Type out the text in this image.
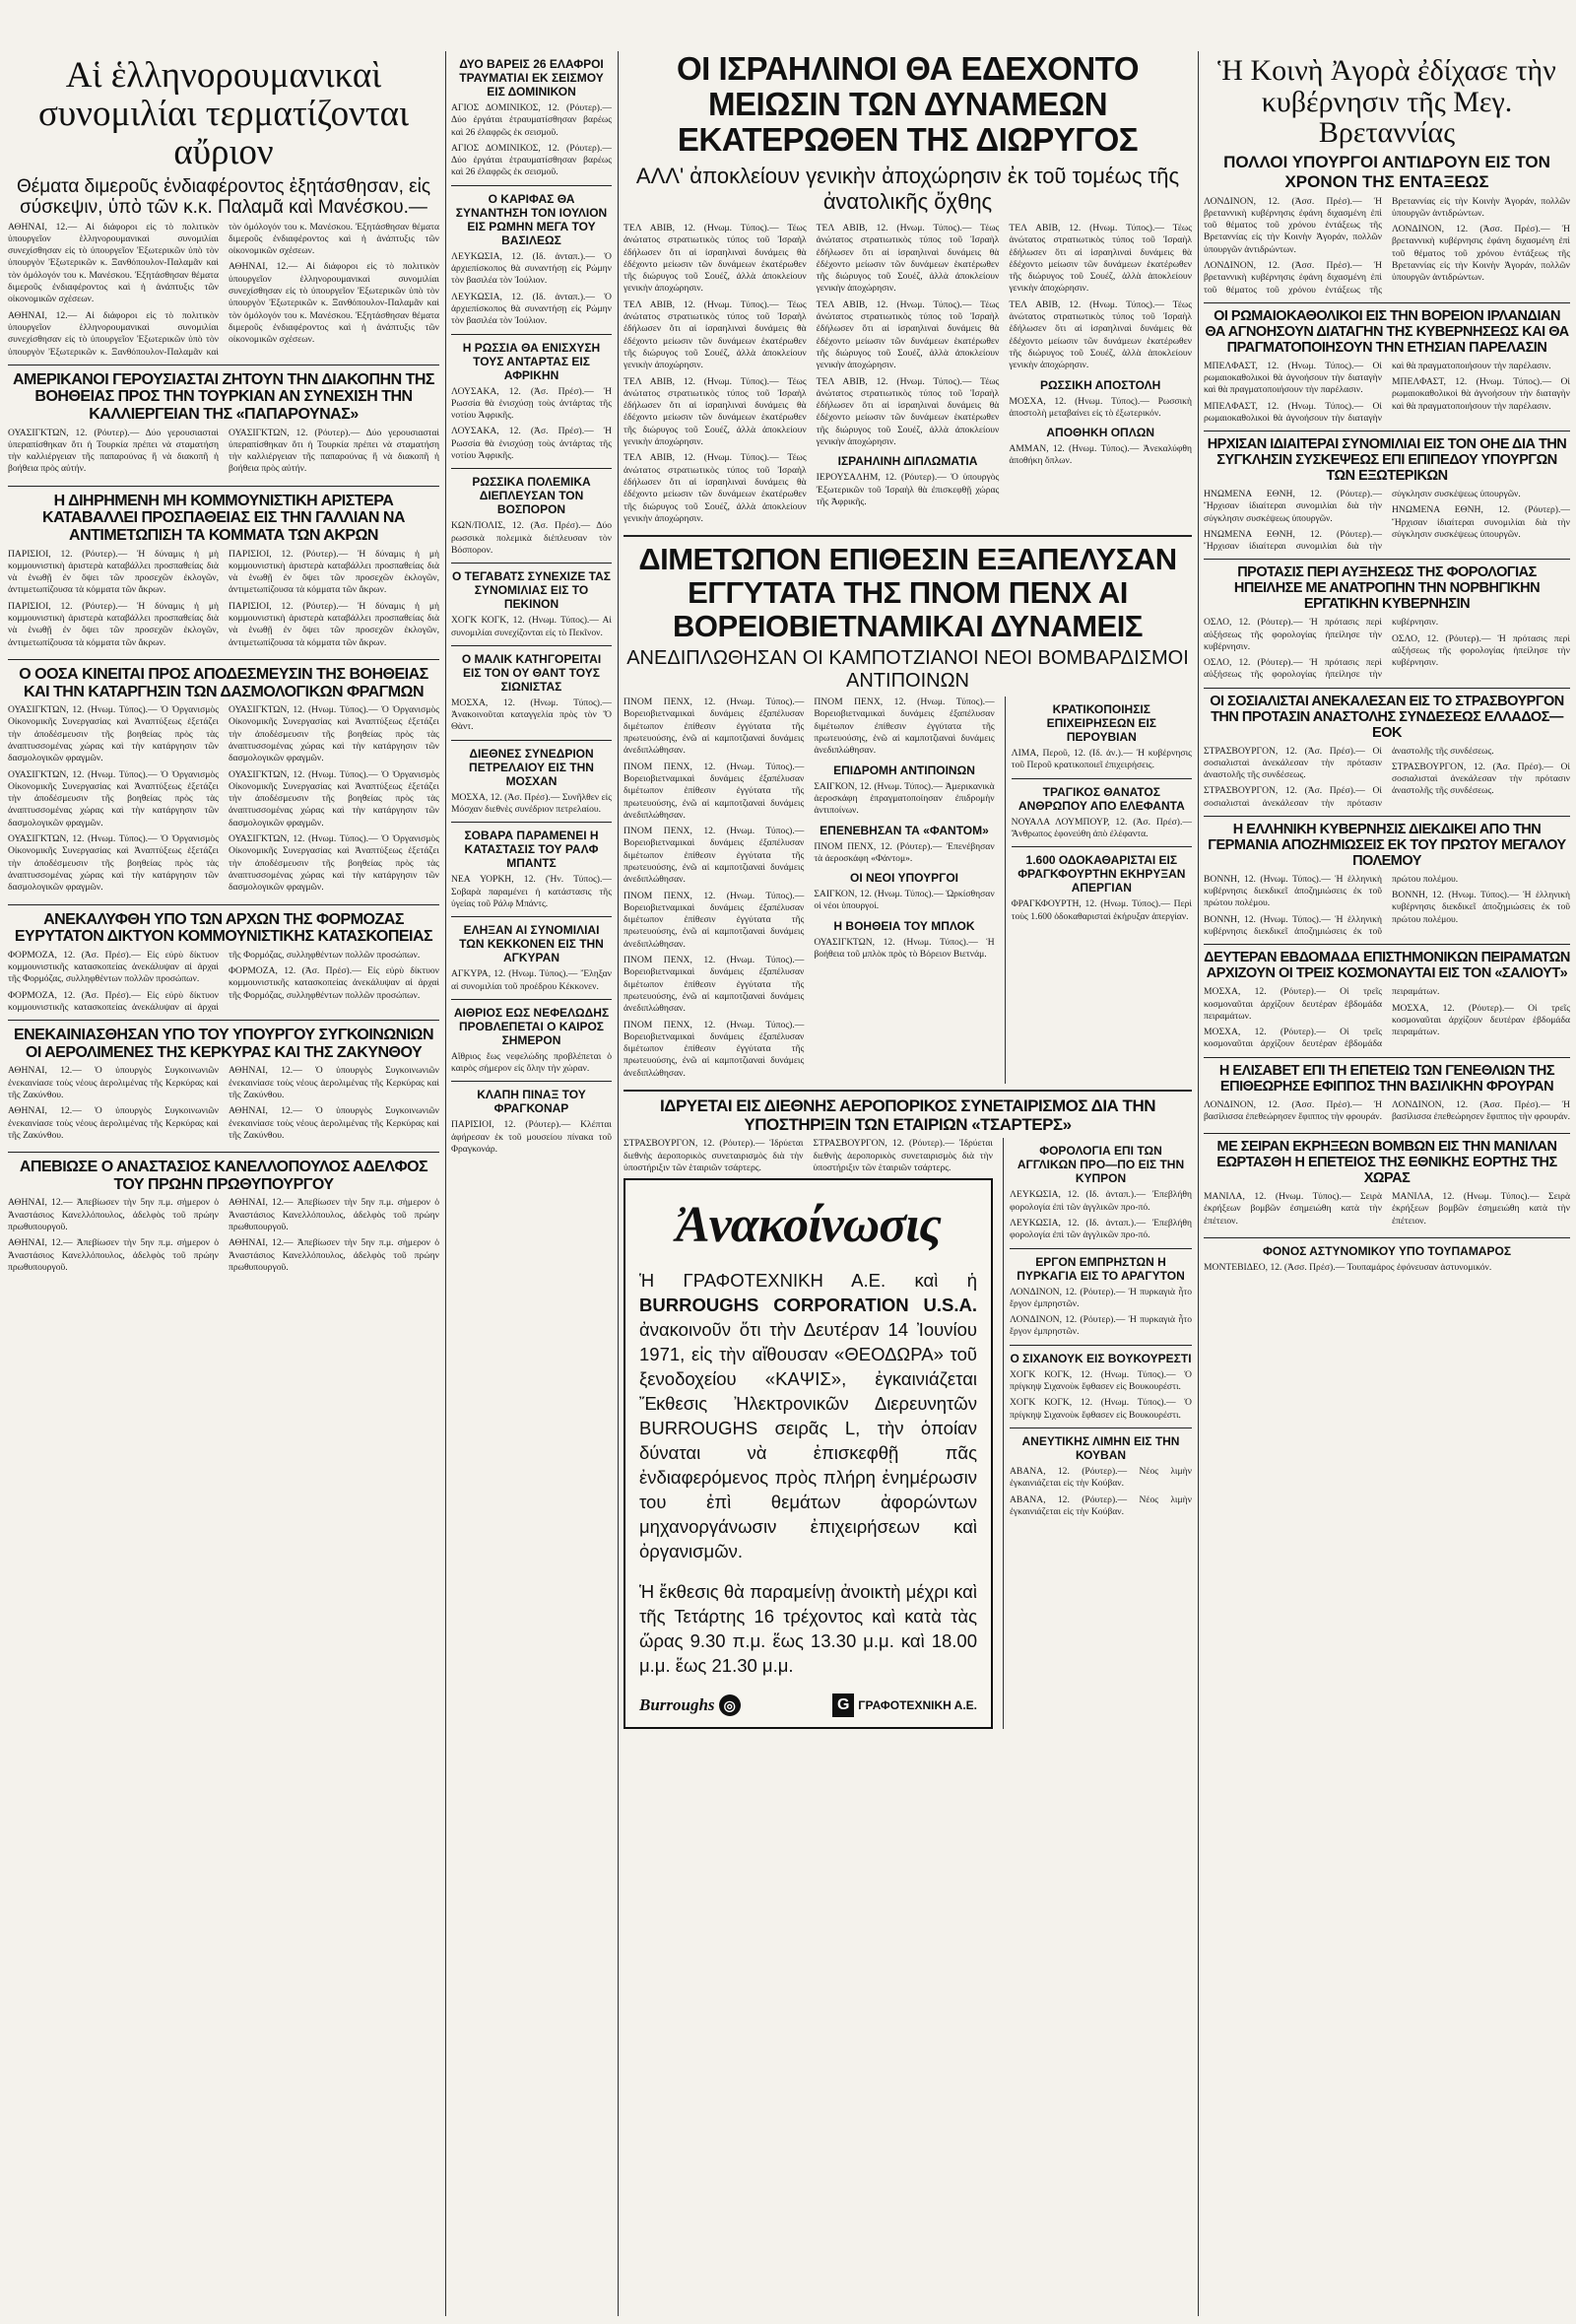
Αἱ ἑλληνορουμανικαὶ συνομιλίαι τερματίζονται αὔριον

Θέματα διμεροῦς ἐνδιαφέροντος ἐξητάσθησαν, εἰς σύσκεψιν, ὑπὸ τῶν κ.κ. Παλαμᾶ καὶ Μανέσκου.—

ΑΘΗΝΑΙ, 12.— Αἱ διάφοροι εἰς τὸ πολιτικὸν ὑπουργεῖον ἑλληνορουμανικαὶ συνομιλίαι συνεχίσθησαν εἰς τὸ ὑπουργεῖον Ἐξωτερικῶν ὑπὸ τὸν ὑπουργὸν Ἐξωτερικῶν κ. Ξανθόπουλον-Παλαμᾶν καὶ τὸν ὁμόλογόν του κ. Μανέσκου. Ἐξητάσθησαν θέματα διμεροῦς ἐνδιαφέροντος καὶ ἡ ἀνάπτυξις τῶν οἰκονομικῶν σχέσεων.

ΑΘΗΝΑΙ, 12.— Αἱ διάφοροι εἰς τὸ πολιτικὸν ὑπουργεῖον ἑλληνορουμανικαὶ συνομιλίαι συνεχίσθησαν εἰς τὸ ὑπουργεῖον Ἐξωτερικῶν ὑπὸ τὸν ὑπουργὸν Ἐξωτερικῶν κ. Ξανθόπουλον-Παλαμᾶν καὶ τὸν ὁμόλογόν του κ. Μανέσκου. Ἐξητάσθησαν θέματα διμεροῦς ἐνδιαφέροντος καὶ ἡ ἀνάπτυξις τῶν οἰκονομικῶν σχέσεων.

ΑΘΗΝΑΙ, 12.— Αἱ διάφοροι εἰς τὸ πολιτικὸν ὑπουργεῖον ἑλληνορουμανικαὶ συνομιλίαι συνεχίσθησαν εἰς τὸ ὑπουργεῖον Ἐξωτερικῶν ὑπὸ τὸν ὑπουργὸν Ἐξωτερικῶν κ. Ξανθόπουλον-Παλαμᾶν καὶ τὸν ὁμόλογόν του κ. Μανέσκου. Ἐξητάσθησαν θέματα διμεροῦς ἐνδιαφέροντος καὶ ἡ ἀνάπτυξις τῶν οἰκονομικῶν σχέσεων.

ΑΜΕΡΙΚΑΝΟΙ ΓΕΡΟΥΣΙΑΣΤΑΙ ΖΗΤΟΥΝ ΤΗΝ ΔΙΑΚΟΠΗΝ ΤΗΣ ΒΟΗΘΕΙΑΣ ΠΡΟΣ ΤΗΝ ΤΟΥΡΚΙΑΝ ΑΝ ΣΥΝΕΧΙΣΗ ΤΗΝ ΚΑΛΛΙΕΡΓΕΙΑΝ ΤΗΣ «ΠΑΠΑΡΟΥΝΑΣ»

ΟΥΑΣΙΓΚΤΩΝ, 12. (Ρόυτερ).— Δύο γερουσιασταὶ ὑπεραπίσθηκαν ὅτι ἡ Τουρκία πρέπει νὰ σταματήση τὴν καλλιέργειαν τῆς παπαρούνας ἢ νὰ διακοπῆ ἡ βοήθεια πρὸς αὐτήν.

ΟΥΑΣΙΓΚΤΩΝ, 12. (Ρόυτερ).— Δύο γερουσιασταὶ ὑπεραπίσθηκαν ὅτι ἡ Τουρκία πρέπει νὰ σταματήση τὴν καλλιέργειαν τῆς παπαρούνας ἢ νὰ διακοπῆ ἡ βοήθεια πρὸς αὐτήν.

Η ΔΙΗΡΗΜΕΝΗ ΜΗ ΚΟΜΜΟΥΝΙΣΤΙΚΗ ΑΡΙΣΤΕΡΑ ΚΑΤΑΒΑΛΛΕΙ ΠΡΟΣΠΑΘΕΙΑΣ ΕΙΣ ΤΗΝ ΓΑΛΛΙΑΝ ΝΑ ΑΝΤΙΜΕΤΩΠΙΣΗ ΤΑ ΚΟΜΜΑΤΑ ΤΩΝ ΑΚΡΩΝ

ΠΑΡΙΣΙΟΙ, 12. (Ρόυτερ).— Ἡ δύναμις ἡ μὴ κομμουνιστικὴ ἀριστερὰ καταβάλλει προσπαθείας διὰ νὰ ἑνωθῇ ἐν ὄψει τῶν προσεχῶν ἐκλογῶν, ἀντιμετωπίζουσα τὰ κόμματα τῶν ἄκρων.

ΠΑΡΙΣΙΟΙ, 12. (Ρόυτερ).— Ἡ δύναμις ἡ μὴ κομμουνιστικὴ ἀριστερὰ καταβάλλει προσπαθείας διὰ νὰ ἑνωθῇ ἐν ὄψει τῶν προσεχῶν ἐκλογῶν, ἀντιμετωπίζουσα τὰ κόμματα τῶν ἄκρων.

ΠΑΡΙΣΙΟΙ, 12. (Ρόυτερ).— Ἡ δύναμις ἡ μὴ κομμουνιστικὴ ἀριστερὰ καταβάλλει προσπαθείας διὰ νὰ ἑνωθῇ ἐν ὄψει τῶν προσεχῶν ἐκλογῶν, ἀντιμετωπίζουσα τὰ κόμματα τῶν ἄκρων.

ΠΑΡΙΣΙΟΙ, 12. (Ρόυτερ).— Ἡ δύναμις ἡ μὴ κομμουνιστικὴ ἀριστερὰ καταβάλλει προσπαθείας διὰ νὰ ἑνωθῇ ἐν ὄψει τῶν προσεχῶν ἐκλογῶν, ἀντιμετωπίζουσα τὰ κόμματα τῶν ἄκρων.

Ο ΟΟΣΑ ΚΙΝΕΙΤΑΙ ΠΡΟΣ ΑΠΟΔΕΣΜΕΥΣΙΝ ΤΗΣ ΒΟΗΘΕΙΑΣ ΚΑΙ ΤΗΝ ΚΑΤΑΡΓΗΣΙΝ ΤΩΝ ΔΑΣΜΟΛΟΓΙΚΩΝ ΦΡΑΓΜΩΝ

ΟΥΑΣΙΓΚΤΩΝ, 12. (Ηνωμ. Τύπος).— Ὁ Ὀργανισμὸς Οἰκονομικῆς Συνεργασίας καὶ Ἀναπτύξεως ἐξετάζει τὴν ἀποδέσμευσιν τῆς βοηθείας πρὸς τὰς ἀναπτυσσομένας χώρας καὶ τὴν κατάργησιν τῶν δασμολογικῶν φραγμῶν.

ΟΥΑΣΙΓΚΤΩΝ, 12. (Ηνωμ. Τύπος).— Ὁ Ὀργανισμὸς Οἰκονομικῆς Συνεργασίας καὶ Ἀναπτύξεως ἐξετάζει τὴν ἀποδέσμευσιν τῆς βοηθείας πρὸς τὰς ἀναπτυσσομένας χώρας καὶ τὴν κατάργησιν τῶν δασμολογικῶν φραγμῶν.

ΟΥΑΣΙΓΚΤΩΝ, 12. (Ηνωμ. Τύπος).— Ὁ Ὀργανισμὸς Οἰκονομικῆς Συνεργασίας καὶ Ἀναπτύξεως ἐξετάζει τὴν ἀποδέσμευσιν τῆς βοηθείας πρὸς τὰς ἀναπτυσσομένας χώρας καὶ τὴν κατάργησιν τῶν δασμολογικῶν φραγμῶν.

ΟΥΑΣΙΓΚΤΩΝ, 12. (Ηνωμ. Τύπος).— Ὁ Ὀργανισμὸς Οἰκονομικῆς Συνεργασίας καὶ Ἀναπτύξεως ἐξετάζει τὴν ἀποδέσμευσιν τῆς βοηθείας πρὸς τὰς ἀναπτυσσομένας χώρας καὶ τὴν κατάργησιν τῶν δασμολογικῶν φραγμῶν.

ΟΥΑΣΙΓΚΤΩΝ, 12. (Ηνωμ. Τύπος).— Ὁ Ὀργανισμὸς Οἰκονομικῆς Συνεργασίας καὶ Ἀναπτύξεως ἐξετάζει τὴν ἀποδέσμευσιν τῆς βοηθείας πρὸς τὰς ἀναπτυσσομένας χώρας καὶ τὴν κατάργησιν τῶν δασμολογικῶν φραγμῶν.

ΟΥΑΣΙΓΚΤΩΝ, 12. (Ηνωμ. Τύπος).— Ὁ Ὀργανισμὸς Οἰκονομικῆς Συνεργασίας καὶ Ἀναπτύξεως ἐξετάζει τὴν ἀποδέσμευσιν τῆς βοηθείας πρὸς τὰς ἀναπτυσσομένας χώρας καὶ τὴν κατάργησιν τῶν δασμολογικῶν φραγμῶν.

ΑΝΕΚΑΛΥΦΘΗ ΥΠΟ ΤΩΝ ΑΡΧΩΝ ΤΗΣ ΦΟΡΜΟΖΑΣ ΕΥΡΥΤΑΤΟΝ ΔΙΚΤΥΟΝ ΚΟΜΜΟΥΝΙΣΤΙΚΗΣ ΚΑΤΑΣΚΟΠΕΙΑΣ

ΦΟΡΜΟΖΑ, 12. (Ἀσ. Πρέσ).— Εἰς εὐρὺ δίκτυον κομμουνιστικῆς κατασκοπείας ἀνεκάλυψαν αἱ ἀρχαὶ τῆς Φορμόζας, συλληφθέντων πολλῶν προσώπων.

ΦΟΡΜΟΖΑ, 12. (Ἀσ. Πρέσ).— Εἰς εὐρὺ δίκτυον κομμουνιστικῆς κατασκοπείας ἀνεκάλυψαν αἱ ἀρχαὶ τῆς Φορμόζας, συλληφθέντων πολλῶν προσώπων.

ΦΟΡΜΟΖΑ, 12. (Ἀσ. Πρέσ).— Εἰς εὐρὺ δίκτυον κομμουνιστικῆς κατασκοπείας ἀνεκάλυψαν αἱ ἀρχαὶ τῆς Φορμόζας, συλληφθέντων πολλῶν προσώπων.

ΕΝΕΚΑΙΝΙΑΣΘΗΣΑΝ ΥΠΟ ΤΟΥ ΥΠΟΥΡΓΟΥ ΣΥΓΚΟΙΝΩΝΙΩΝ ΟΙ ΑΕΡΟΛΙΜΕΝΕΣ ΤΗΣ ΚΕΡΚΥΡΑΣ ΚΑΙ ΤΗΣ ΖΑΚΥΝΘΟΥ

ΑΘΗΝΑΙ, 12.— Ὁ ὑπουργὸς Συγκοινωνιῶν ἐνεκαινίασε τοὺς νέους ἀερολιμένας τῆς Κερκύρας καὶ τῆς Ζακύνθου.

ΑΘΗΝΑΙ, 12.— Ὁ ὑπουργὸς Συγκοινωνιῶν ἐνεκαινίασε τοὺς νέους ἀερολιμένας τῆς Κερκύρας καὶ τῆς Ζακύνθου.

ΑΘΗΝΑΙ, 12.— Ὁ ὑπουργὸς Συγκοινωνιῶν ἐνεκαινίασε τοὺς νέους ἀερολιμένας τῆς Κερκύρας καὶ τῆς Ζακύνθου.

ΑΘΗΝΑΙ, 12.— Ὁ ὑπουργὸς Συγκοινωνιῶν ἐνεκαινίασε τοὺς νέους ἀερολιμένας τῆς Κερκύρας καὶ τῆς Ζακύνθου.

ΑΠΕΒΙΩΣΕ Ο ΑΝΑΣΤΑΣΙΟΣ ΚΑΝΕΛΛΟΠΟΥΛΟΣ ΑΔΕΛΦΟΣ ΤΟΥ ΠΡΩΗΝ ΠΡΩΘΥΠΟΥΡΓΟΥ

ΑΘΗΝΑΙ, 12.— Ἀπεβίωσεν τὴν 5ην π.μ. σήμερον ὁ Ἀναστάσιος Κανελλόπουλος, ἀδελφὸς τοῦ πρώην πρωθυπουργοῦ.

ΑΘΗΝΑΙ, 12.— Ἀπεβίωσεν τὴν 5ην π.μ. σήμερον ὁ Ἀναστάσιος Κανελλόπουλος, ἀδελφὸς τοῦ πρώην πρωθυπουργοῦ.

ΑΘΗΝΑΙ, 12.— Ἀπεβίωσεν τὴν 5ην π.μ. σήμερον ὁ Ἀναστάσιος Κανελλόπουλος, ἀδελφὸς τοῦ πρώην πρωθυπουργοῦ.

ΑΘΗΝΑΙ, 12.— Ἀπεβίωσεν τὴν 5ην π.μ. σήμερον ὁ Ἀναστάσιος Κανελλόπουλος, ἀδελφὸς τοῦ πρώην πρωθυπουργοῦ.

ΔΥΟ ΒΑΡΕΙΣ 26 ΕΛΑΦΡΟΙ ΤΡΑΥΜΑΤΙΑΙ ΕΚ ΣΕΙΣΜΟΥ ΕΙΣ ΔΟΜΙΝΙΚΟΝ

ΑΓΙΟΣ ΔΟΜΙΝΙΚΟΣ, 12. (Ρόυτερ).— Δύο ἐργάται ἐτραυματίσθησαν βαρέως καὶ 26 ἐλαφρῶς ἐκ σεισμοῦ.

ΑΓΙΟΣ ΔΟΜΙΝΙΚΟΣ, 12. (Ρόυτερ).— Δύο ἐργάται ἐτραυματίσθησαν βαρέως καὶ 26 ἐλαφρῶς ἐκ σεισμοῦ.

Ο ΚΑΡΙΦΑΣ ΘΑ ΣΥΝΑΝΤΗΣΗ ΤΟΝ ΙΟΥΛΙΟΝ ΕΙΣ ΡΩΜΗΝ ΜΕΓΑ ΤΟΥ ΒΑΣΙΛΕΩΣ

ΛΕΥΚΩΣΙΑ, 12. (Ιδ. ἀνταπ.).— Ὁ ἀρχιεπίσκοπος θὰ συναντήσῃ εἰς Ρώμην τὸν βασιλέα τὸν Ἰούλιον.

ΛΕΥΚΩΣΙΑ, 12. (Ιδ. ἀνταπ.).— Ὁ ἀρχιεπίσκοπος θὰ συναντήσῃ εἰς Ρώμην τὸν βασιλέα τὸν Ἰούλιον.

Η ΡΩΣΣΙΑ ΘΑ ΕΝΙΣΧΥΣΗ ΤΟΥΣ ΑΝΤΑΡΤΑΣ ΕΙΣ ΑΦΡΙΚΗΝ

ΛΟΥΣΑΚΑ, 12. (Ἀσ. Πρέσ).— Ἡ Ρωσσία θὰ ἐνισχύσῃ τοὺς ἀντάρτας τῆς νοτίου Ἀφρικῆς.

ΛΟΥΣΑΚΑ, 12. (Ἀσ. Πρέσ).— Ἡ Ρωσσία θὰ ἐνισχύσῃ τοὺς ἀντάρτας τῆς νοτίου Ἀφρικῆς.

ΡΩΣΣΙΚΑ ΠΟΛΕΜΙΚΑ ΔΙΕΠΛΕΥΣΑΝ ΤΟΝ ΒΟΣΠΟΡΟΝ

ΚΩΝ/ΠΟΛΙΣ, 12. (Ἀσ. Πρέσ).— Δύο ρωσσικὰ πολεμικὰ διέπλευσαν τὸν Βόσπορον.

Ο ΤΕΓΑΒΑΤΣ ΣΥΝΕΧΙΖΕ ΤΑΣ ΣΥΝΟΜΙΛΙΑΣ ΕΙΣ ΤΟ ΠΕΚΙΝΟΝ

ΧΟΓΚ ΚΟΓΚ, 12. (Ηνωμ. Τύπος).— Αἱ συνομιλίαι συνεχίζονται εἰς τὸ Πεκῖνον.

Ο ΜΑΛΙΚ ΚΑΤΗΓΟΡΕΙΤΑΙ ΕΙΣ ΤΟΝ ΟΥ ΘΑΝΤ ΤΟΥΣ ΣΙΩΝΙΣΤΑΣ

ΜΟΣΧΑ, 12. (Ηνωμ. Τύπος).— Ἀνακοινοῦται καταγγελία πρὸς τὸν Ὄ Θὰντ.

ΔΙΕΘΝΕΣ ΣΥΝΕΔΡΙΟΝ ΠΕΤΡΕΛΑΙΟΥ ΕΙΣ ΤΗΝ ΜΟΣΧΑΝ

ΜΟΣΧΑ, 12. (Ἀσ. Πρέσ).— Συνῆλθεν εἰς Μόσχαν διεθνὲς συνέδριον πετρελαίου.

ΣΟΒΑΡΑ ΠΑΡΑΜΕΝΕΙ Η ΚΑΤΑΣΤΑΣΙΣ ΤΟΥ ΡΑΛΦ ΜΠΑΝΤΣ

ΝΕΑ ΥΟΡΚΗ, 12. (Ἡν. Τύπος).— Σοβαρὰ παραμένει ἡ κατάστασις τῆς ὑγείας τοῦ Ράλφ Μπάντς.

ΕΛΗΞΑΝ ΑΙ ΣΥΝΟΜΙΛΙΑΙ ΤΩΝ ΚΕΚΚΟΝΕΝ ΕΙΣ ΤΗΝ ΑΓΚΥΡΑΝ

ΑΓΚΥΡΑ, 12. (Ηνωμ. Τύπος).— Ἔληξαν αἱ συνομιλίαι τοῦ προέδρου Κέκκονεν.

ΑΙΘΡΙΟΣ ΕΩΣ ΝΕΦΕΛΩΔΗΣ ΠΡΟΒΛΕΠΕΤΑΙ Ο ΚΑΙΡΟΣ ΣΗΜΕΡΟΝ

Αἴθριος ἕως νεφελώδης προβλέπεται ὁ καιρὸς σήμερον εἰς ὅλην τὴν χώραν.

ΚΛΑΠΗ ΠΙΝΑΞ ΤΟΥ ΦΡΑΓΚΟΝΑΡ

ΠΑΡΙΣΙΟΙ, 12. (Ρόυτερ).— Κλέπται ἀφήρεσαν ἐκ τοῦ μουσείου πίνακα τοῦ Φραγκονάρ.

ΟΙ ΙΣΡΑΗΛΙΝΟΙ ΘΑ ΕΔΕΧΟΝΤΟ ΜΕΙΩΣΙΝ ΤΩΝ ΔΥΝΑΜΕΩΝ ΕΚΑΤΕΡΩΘΕΝ ΤΗΣ ΔΙΩΡΥΓΟΣ

ΑΛΛ' ἀποκλείουν γενικὴν ἀποχώρησιν ἐκ τοῦ τομέως τῆς ἀνατολικῆς ὄχθης

ΤΕΛ ΑΒΙΒ, 12. (Ηνωμ. Τύπος).— Τέως ἀνώτατος στρατιωτικὸς τύπος τοῦ Ἰσραὴλ ἐδήλωσεν ὅτι αἱ ἰσραηλιναὶ δυνάμεις θὰ ἐδέχοντο μείωσιν τῶν δυνάμεων ἑκατέρωθεν τῆς διώρυγος τοῦ Σουέζ, ἀλλὰ ἀποκλείουν γενικὴν ἀποχώρησιν.

ΤΕΛ ΑΒΙΒ, 12. (Ηνωμ. Τύπος).— Τέως ἀνώτατος στρατιωτικὸς τύπος τοῦ Ἰσραὴλ ἐδήλωσεν ὅτι αἱ ἰσραηλιναὶ δυνάμεις θὰ ἐδέχοντο μείωσιν τῶν δυνάμεων ἑκατέρωθεν τῆς διώρυγος τοῦ Σουέζ, ἀλλὰ ἀποκλείουν γενικὴν ἀποχώρησιν.

ΤΕΛ ΑΒΙΒ, 12. (Ηνωμ. Τύπος).— Τέως ἀνώτατος στρατιωτικὸς τύπος τοῦ Ἰσραὴλ ἐδήλωσεν ὅτι αἱ ἰσραηλιναὶ δυνάμεις θὰ ἐδέχοντο μείωσιν τῶν δυνάμεων ἑκατέρωθεν τῆς διώρυγος τοῦ Σουέζ, ἀλλὰ ἀποκλείουν γενικὴν ἀποχώρησιν.

ΤΕΛ ΑΒΙΒ, 12. (Ηνωμ. Τύπος).— Τέως ἀνώτατος στρατιωτικὸς τύπος τοῦ Ἰσραὴλ ἐδήλωσεν ὅτι αἱ ἰσραηλιναὶ δυνάμεις θὰ ἐδέχοντο μείωσιν τῶν δυνάμεων ἑκατέρωθεν τῆς διώρυγος τοῦ Σουέζ, ἀλλὰ ἀποκλείουν γενικὴν ἀποχώρησιν.

ΤΕΛ ΑΒΙΒ, 12. (Ηνωμ. Τύπος).— Τέως ἀνώτατος στρατιωτικὸς τύπος τοῦ Ἰσραὴλ ἐδήλωσεν ὅτι αἱ ἰσραηλιναὶ δυνάμεις θὰ ἐδέχοντο μείωσιν τῶν δυνάμεων ἑκατέρωθεν τῆς διώρυγος τοῦ Σουέζ, ἀλλὰ ἀποκλείουν γενικὴν ἀποχώρησιν.

ΤΕΛ ΑΒΙΒ, 12. (Ηνωμ. Τύπος).— Τέως ἀνώτατος στρατιωτικὸς τύπος τοῦ Ἰσραὴλ ἐδήλωσεν ὅτι αἱ ἰσραηλιναὶ δυνάμεις θὰ ἐδέχοντο μείωσιν τῶν δυνάμεων ἑκατέρωθεν τῆς διώρυγος τοῦ Σουέζ, ἀλλὰ ἀποκλείουν γενικὴν ἀποχώρησιν.

ΤΕΛ ΑΒΙΒ, 12. (Ηνωμ. Τύπος).— Τέως ἀνώτατος στρατιωτικὸς τύπος τοῦ Ἰσραὴλ ἐδήλωσεν ὅτι αἱ ἰσραηλιναὶ δυνάμεις θὰ ἐδέχοντο μείωσιν τῶν δυνάμεων ἑκατέρωθεν τῆς διώρυγος τοῦ Σουέζ, ἀλλὰ ἀποκλείουν γενικὴν ἀποχώρησιν.

ΙΣΡΑΗΛΙΝΗ ΔΙΠΛΩΜΑΤΙΑ

ΙΕΡΟΥΣΑΛΗΜ, 12. (Ρόυτερ).— Ὁ ὑπουργὸς Ἐξωτερικῶν τοῦ Ἰσραὴλ θὰ ἐπισκεφθῇ χώρας τῆς Ἀφρικῆς.

ΤΕΛ ΑΒΙΒ, 12. (Ηνωμ. Τύπος).— Τέως ἀνώτατος στρατιωτικὸς τύπος τοῦ Ἰσραὴλ ἐδήλωσεν ὅτι αἱ ἰσραηλιναὶ δυνάμεις θὰ ἐδέχοντο μείωσιν τῶν δυνάμεων ἑκατέρωθεν τῆς διώρυγος τοῦ Σουέζ, ἀλλὰ ἀποκλείουν γενικὴν ἀποχώρησιν.

ΤΕΛ ΑΒΙΒ, 12. (Ηνωμ. Τύπος).— Τέως ἀνώτατος στρατιωτικὸς τύπος τοῦ Ἰσραὴλ ἐδήλωσεν ὅτι αἱ ἰσραηλιναὶ δυνάμεις θὰ ἐδέχοντο μείωσιν τῶν δυνάμεων ἑκατέρωθεν τῆς διώρυγος τοῦ Σουέζ, ἀλλὰ ἀποκλείουν γενικὴν ἀποχώρησιν.

ΡΩΣΣΙΚΗ ΑΠΟΣΤΟΛΗ

ΜΟΣΧΑ, 12. (Ηνωμ. Τύπος).— Ρωσσικὴ ἀποστολὴ μεταβαίνει εἰς τὸ ἐξωτερικόν.

ΑΠΟΘΗΚΗ ΟΠΛΩΝ

ΑΜΜΑΝ, 12. (Ηνωμ. Τύπος).— Ἀνεκαλύφθη ἀποθήκη ὅπλων.

ΔΙΜΕΤΩΠΟΝ ΕΠΙΘΕΣΙΝ ΕΞΑΠΕΛΥΣΑΝ ΕΓΓΥΤΑΤΑ ΤΗΣ ΠΝΟΜ ΠΕΝΧ ΑΙ ΒΟΡΕΙΟΒΙΕΤΝΑΜΙΚΑΙ ΔΥΝΑΜΕΙΣ

ΑΝΕΔΙΠΛΩΘΗΣΑΝ ΟΙ ΚΑΜΠΟΤΖΙΑΝΟΙ ΝΕΟΙ ΒΟΜΒΑΡΔΙΣΜΟΙ ΑΝΤΙΠΟΙΝΩΝ

ΠΝΟΜ ΠΕΝΧ, 12. (Ηνωμ. Τύπος).— Βορειοβιετναμικαὶ δυνάμεις ἐξαπέλυσαν διμέτωπον ἐπίθεσιν ἐγγύτατα τῆς πρωτευούσης, ἐνῶ αἱ καμποτζιαναὶ δυνάμεις ἀνεδιπλώθησαν.

ΠΝΟΜ ΠΕΝΧ, 12. (Ηνωμ. Τύπος).— Βορειοβιετναμικαὶ δυνάμεις ἐξαπέλυσαν διμέτωπον ἐπίθεσιν ἐγγύτατα τῆς πρωτευούσης, ἐνῶ αἱ καμποτζιαναὶ δυνάμεις ἀνεδιπλώθησαν.

ΠΝΟΜ ΠΕΝΧ, 12. (Ηνωμ. Τύπος).— Βορειοβιετναμικαὶ δυνάμεις ἐξαπέλυσαν διμέτωπον ἐπίθεσιν ἐγγύτατα τῆς πρωτευούσης, ἐνῶ αἱ καμποτζιαναὶ δυνάμεις ἀνεδιπλώθησαν.

ΠΝΟΜ ΠΕΝΧ, 12. (Ηνωμ. Τύπος).— Βορειοβιετναμικαὶ δυνάμεις ἐξαπέλυσαν διμέτωπον ἐπίθεσιν ἐγγύτατα τῆς πρωτευούσης, ἐνῶ αἱ καμποτζιαναὶ δυνάμεις ἀνεδιπλώθησαν.

ΠΝΟΜ ΠΕΝΧ, 12. (Ηνωμ. Τύπος).— Βορειοβιετναμικαὶ δυνάμεις ἐξαπέλυσαν διμέτωπον ἐπίθεσιν ἐγγύτατα τῆς πρωτευούσης, ἐνῶ αἱ καμποτζιαναὶ δυνάμεις ἀνεδιπλώθησαν.

ΠΝΟΜ ΠΕΝΧ, 12. (Ηνωμ. Τύπος).— Βορειοβιετναμικαὶ δυνάμεις ἐξαπέλυσαν διμέτωπον ἐπίθεσιν ἐγγύτατα τῆς πρωτευούσης, ἐνῶ αἱ καμποτζιαναὶ δυνάμεις ἀνεδιπλώθησαν.

ΠΝΟΜ ΠΕΝΧ, 12. (Ηνωμ. Τύπος).— Βορειοβιετναμικαὶ δυνάμεις ἐξαπέλυσαν διμέτωπον ἐπίθεσιν ἐγγύτατα τῆς πρωτευούσης, ἐνῶ αἱ καμποτζιαναὶ δυνάμεις ἀνεδιπλώθησαν.

ΕΠΙΔΡΟΜΗ ΑΝΤΙΠΟΙΝΩΝ

ΣΑΙΓΚΟΝ, 12. (Ηνωμ. Τύπος).— Ἀμερικανικὰ ἀεροσκάφη ἐπραγματοποίησαν ἐπιδρομὴν ἀντιποίνων.

ΕΠΕΝΕΒΗΣΑΝ ΤΑ «ΦΑΝΤΟΜ»

ΠΝΟΜ ΠΕΝΧ, 12. (Ρόυτερ).— Ἐπενέβησαν τὰ ἀεροσκάφη «Φάντομ».

ΟΙ ΝΕΟΙ ΥΠΟΥΡΓΟΙ

ΣΑΙΓΚΟΝ, 12. (Ηνωμ. Τύπος).— Ὡρκίσθησαν οἱ νέοι ὑπουργοί.

Η ΒΟΗΘΕΙΑ ΤΟΥ ΜΠΛΟΚ

ΟΥΑΣΙΓΚΤΩΝ, 12. (Ηνωμ. Τύπος).— Ἡ βοήθεια τοῦ μπλὸκ πρὸς τὸ Βόρειον Βιετνάμ.

ΚΡΑΤΙΚΟΠΟΙΗΣΙΣ ΕΠΙΧΕΙΡΗΣΕΩΝ ΕΙΣ ΠΕΡΟΥΒΙΑΝ

ΛΙΜΑ, Περοῦ, 12. (Ιδ. ἀν.).— Ἡ κυβέρνησις τοῦ Περοῦ κρατικοποιεῖ ἐπιχειρήσεις.

ΤΡΑΓΙΚΟΣ ΘΑΝΑΤΟΣ ΑΝΘΡΩΠΟΥ ΑΠΟ ΕΛΕΦΑΝΤΑ

ΝΟΥΑΛΑ ΛΟΥΜΠΟΥΡ, 12. (Ἀσ. Πρέσ).— Ἄνθρωπος ἐφονεύθη ἀπὸ ἐλέφαντα.

1.600 ΟΔΟΚΑΘΑΡΙΣΤΑΙ ΕΙΣ ΦΡΑΓΚΦΟΥΡΤΗΝ ΕΚΗΡΥΞΑΝ ΑΠΕΡΓΙΑΝ

ΦΡΑΓΚΦΟΥΡΤΗ, 12. (Ηνωμ. Τύπος).— Περὶ τοὺς 1.600 ὁδοκαθαρισταὶ ἐκήρυξαν ἀπεργίαν.

ΙΔΡΥΕΤΑΙ ΕΙΣ ΔΙΕΘΝΗΣ ΑΕΡΟΠΟΡΙΚΟΣ ΣΥΝΕΤΑΙΡΙΣΜΟΣ ΔΙΑ ΤΗΝ ΥΠΟΣΤΗΡΙΞΙΝ ΤΩΝ ΕΤΑΙΡΙΩΝ «ΤΣΑΡΤΕΡΣ»

ΣΤΡΑΣΒΟΥΡΓΟΝ, 12. (Ρόυτερ).— Ἱδρύεται διεθνὴς ἀεροπορικὸς συνεταιρισμὸς διὰ τὴν ὑποστήριξιν τῶν ἑταιριῶν τσάρτερς.

ΣΤΡΑΣΒΟΥΡΓΟΝ, 12. (Ρόυτερ).— Ἱδρύεται διεθνὴς ἀεροπορικὸς συνεταιρισμὸς διὰ τὴν ὑποστήριξιν τῶν ἑταιριῶν τσάρτερς.

Ἀνακοίνωσις

Ἡ ΓΡΑΦΟΤΕΧΝΙΚΗ Α.Ε. καὶ ἡ BURROUGHS CORPORATION U.S.A. ἀνακοινοῦν ὅτι τὴν Δευτέραν 14 Ἰουνίου 1971, εἰς τὴν αἴθουσαν «ΘΕΟΔΩΡΑ» τοῦ ξενοδοχείου «ΚΑΨΙΣ», ἐγκαινιάζεται Ἔκθεσις Ἠλεκτρονικῶν Διερευνητῶν BURROUGHS σειρᾶς L, τὴν ὁποίαν δύναται νὰ ἐπισκεφθῇ πᾶς ἐνδιαφερόμενος πρὸς πλήρη ἐνημέρωσιν του ἐπὶ θεμάτων ἀφορώντων μηχανοργάνωσιν ἐπιχειρήσεων καὶ ὀργανισμῶν.

Ἡ ἔκθεσις θὰ παραμείνῃ ἀνοικτὴ μέχρι καὶ τῆς Τετάρτης 16 τρέχοντος καὶ κατὰ τὰς ὥρας 9.30 π.μ. ἕως 13.30 μ.μ. καὶ 18.00 μ.μ. ἕως 21.30 μ.μ.

Burroughs ◎	G ΓΡΑΦΟΤΕΧΝΙΚΗ Α.Ε.
ΦΟΡΟΛΟΓΙΑ ΕΠΙ ΤΩΝ ΑΓΓΛΙΚΩΝ ΠΡΟ—ΠΟ ΕΙΣ ΤΗΝ ΚΥΠΡΟΝ

ΛΕΥΚΩΣΙΑ, 12. (Ιδ. ἀνταπ.).— Ἐπεβλήθη φορολογία ἐπὶ τῶν ἀγγλικῶν προ-πό.

ΛΕΥΚΩΣΙΑ, 12. (Ιδ. ἀνταπ.).— Ἐπεβλήθη φορολογία ἐπὶ τῶν ἀγγλικῶν προ-πό.

ΕΡΓΟΝ ΕΜΠΡΗΣΤΩΝ Η ΠΥΡΚΑΓΙΑ ΕΙΣ ΤΟ ΑΡΑΓΥΤΟΝ

ΛΟΝΔΙΝΟΝ, 12. (Ρόυτερ).— Ἡ πυρκαγιὰ ἦτο ἔργον ἐμπρηστῶν.

ΛΟΝΔΙΝΟΝ, 12. (Ρόυτερ).— Ἡ πυρκαγιὰ ἦτο ἔργον ἐμπρηστῶν.

Ο ΣΙΧΑΝΟΥΚ ΕΙΣ ΒΟΥΚΟΥΡΕΣΤΙ

ΧΟΓΚ ΚΟΓΚ, 12. (Ηνωμ. Τύπος).— Ὁ πρίγκηψ Σιχανοὺκ ἔφθασεν εἰς Βουκουρέστι.

ΧΟΓΚ ΚΟΓΚ, 12. (Ηνωμ. Τύπος).— Ὁ πρίγκηψ Σιχανοὺκ ἔφθασεν εἰς Βουκουρέστι.

ΑΝΕΥΤΙΚΗΣ ΛΙΜΗΝ ΕΙΣ ΤΗΝ ΚΟΥΒΑΝ

ΑΒΑΝΑ, 12. (Ρόυτερ).— Νέος λιμὴν ἐγκαινιάζεται εἰς τὴν Κούβαν.

ΑΒΑΝΑ, 12. (Ρόυτερ).— Νέος λιμὴν ἐγκαινιάζεται εἰς τὴν Κούβαν.

Ἡ Κοινὴ Ἀγορὰ ἐδίχασε τὴν κυβέρνησιν τῆς Μεγ. Βρεταννίας

ΠΟΛΛΟΙ ΥΠΟΥΡΓΟΙ ΑΝΤΙΔΡΟΥΝ ΕΙΣ ΤΟΝ ΧΡΟΝΟΝ ΤΗΣ ΕΝΤΑΞΕΩΣ

ΛΟΝΔΙΝΟΝ, 12. (Ἀσσ. Πρέσ).— Ἡ βρεταννικὴ κυβέρνησις ἐφάνη διχασμένη ἐπὶ τοῦ θέματος τοῦ χρόνου ἐντάξεως τῆς Βρεταννίας εἰς τὴν Κοινὴν Ἀγοράν, πολλῶν ὑπουργῶν ἀντιδρώντων.

ΛΟΝΔΙΝΟΝ, 12. (Ἀσσ. Πρέσ).— Ἡ βρεταννικὴ κυβέρνησις ἐφάνη διχασμένη ἐπὶ τοῦ θέματος τοῦ χρόνου ἐντάξεως τῆς Βρεταννίας εἰς τὴν Κοινὴν Ἀγοράν, πολλῶν ὑπουργῶν ἀντιδρώντων.

ΛΟΝΔΙΝΟΝ, 12. (Ἀσσ. Πρέσ).— Ἡ βρεταννικὴ κυβέρνησις ἐφάνη διχασμένη ἐπὶ τοῦ θέματος τοῦ χρόνου ἐντάξεως τῆς Βρεταννίας εἰς τὴν Κοινὴν Ἀγοράν, πολλῶν ὑπουργῶν ἀντιδρώντων.

ΟΙ ΡΩΜΑΙΟΚΑΘΟΛΙΚΟΙ ΕΙΣ ΤΗΝ ΒΟΡΕΙΟΝ ΙΡΛΑΝΔΙΑΝ ΘΑ ΑΓΝΟΗΣΟΥΝ ΔΙΑΤΑΓΗΝ ΤΗΣ ΚΥΒΕΡΝΗΣΕΩΣ ΚΑΙ ΘΑ ΠΡΑΓΜΑΤΟΠΟΙΗΣΟΥΝ ΤΗΝ ΕΤΗΣΙΑΝ ΠΑΡΕΛΑΣΙΝ

ΜΠΕΛΦΑΣΤ, 12. (Ηνωμ. Τύπος).— Οἱ ρωμαιοκαθολικοὶ θὰ ἀγνοήσουν τὴν διαταγὴν καὶ θὰ πραγματοποιήσουν τὴν παρέλασιν.

ΜΠΕΛΦΑΣΤ, 12. (Ηνωμ. Τύπος).— Οἱ ρωμαιοκαθολικοὶ θὰ ἀγνοήσουν τὴν διαταγὴν καὶ θὰ πραγματοποιήσουν τὴν παρέλασιν.

ΜΠΕΛΦΑΣΤ, 12. (Ηνωμ. Τύπος).— Οἱ ρωμαιοκαθολικοὶ θὰ ἀγνοήσουν τὴν διαταγὴν καὶ θὰ πραγματοποιήσουν τὴν παρέλασιν.

ΗΡΧΙΣΑΝ ΙΔΙΑΙΤΕΡΑΙ ΣΥΝΟΜΙΛΙΑΙ ΕΙΣ ΤΟΝ ΟΗΕ ΔΙΑ ΤΗΝ ΣΥΓΚΛΗΣΙΝ ΣΥΣΚΕΨΕΩΣ ΕΠΙ ΕΠΙΠΕΔΟΥ ΥΠΟΥΡΓΩΝ ΤΩΝ ΕΞΩΤΕΡΙΚΩΝ

ΗΝΩΜΕΝΑ ΕΘΝΗ, 12. (Ρόυτερ).— Ἤρχισαν ἰδιαίτεραι συνομιλίαι διὰ τὴν σύγκλησιν συσκέψεως ὑπουργῶν.

ΗΝΩΜΕΝΑ ΕΘΝΗ, 12. (Ρόυτερ).— Ἤρχισαν ἰδιαίτεραι συνομιλίαι διὰ τὴν σύγκλησιν συσκέψεως ὑπουργῶν.

ΗΝΩΜΕΝΑ ΕΘΝΗ, 12. (Ρόυτερ).— Ἤρχισαν ἰδιαίτεραι συνομιλίαι διὰ τὴν σύγκλησιν συσκέψεως ὑπουργῶν.

ΠΡΟΤΑΣΙΣ ΠΕΡΙ ΑΥΞΗΣΕΩΣ ΤΗΣ ΦΟΡΟΛΟΓΙΑΣ ΗΠΕΙΛΗΣΕ ΜΕ ΑΝΑΤΡΟΠΗΝ ΤΗΝ ΝΟΡΒΗΓΙΚΗΝ ΕΡΓΑΤΙΚΗΝ ΚΥΒΕΡΝΗΣΙΝ

ΟΣΛΟ, 12. (Ρόυτερ).— Ἡ πρότασις περὶ αὐξήσεως τῆς φορολογίας ἠπείλησε τὴν κυβέρνησιν.

ΟΣΛΟ, 12. (Ρόυτερ).— Ἡ πρότασις περὶ αὐξήσεως τῆς φορολογίας ἠπείλησε τὴν κυβέρνησιν.

ΟΣΛΟ, 12. (Ρόυτερ).— Ἡ πρότασις περὶ αὐξήσεως τῆς φορολογίας ἠπείλησε τὴν κυβέρνησιν.

ΟΙ ΣΟΣΙΑΛΙΣΤΑΙ ΑΝΕΚΑΛΕΣΑΝ ΕΙΣ ΤΟ ΣΤΡΑΣΒΟΥΡΓΟΝ ΤΗΝ ΠΡΟΤΑΣΙΝ ΑΝΑΣΤΟΛΗΣ ΣΥΝΔΕΣΕΩΣ ΕΛΛΑΔΟΣ—ΕΟΚ

ΣΤΡΑΣΒΟΥΡΓΟΝ, 12. (Ἀσ. Πρέσ).— Οἱ σοσιαλισταὶ ἀνεκάλεσαν τὴν πρότασιν ἀναστολῆς τῆς συνδέσεως.

ΣΤΡΑΣΒΟΥΡΓΟΝ, 12. (Ἀσ. Πρέσ).— Οἱ σοσιαλισταὶ ἀνεκάλεσαν τὴν πρότασιν ἀναστολῆς τῆς συνδέσεως.

ΣΤΡΑΣΒΟΥΡΓΟΝ, 12. (Ἀσ. Πρέσ).— Οἱ σοσιαλισταὶ ἀνεκάλεσαν τὴν πρότασιν ἀναστολῆς τῆς συνδέσεως.

Η ΕΛΛΗΝΙΚΗ ΚΥΒΕΡΝΗΣΙΣ ΔΙΕΚΔΙΚΕΙ ΑΠΟ ΤΗΝ ΓΕΡΜΑΝΙΑ ΑΠΟΖΗΜΙΩΣΕΙΣ ΕΚ ΤΟΥ ΠΡΩΤΟΥ ΜΕΓΑΛΟΥ ΠΟΛΕΜΟΥ

ΒΟΝΝΗ, 12. (Ηνωμ. Τύπος).— Ἡ ἑλληνικὴ κυβέρνησις διεκδικεῖ ἀποζημιώσεις ἐκ τοῦ πρώτου πολέμου.

ΒΟΝΝΗ, 12. (Ηνωμ. Τύπος).— Ἡ ἑλληνικὴ κυβέρνησις διεκδικεῖ ἀποζημιώσεις ἐκ τοῦ πρώτου πολέμου.

ΒΟΝΝΗ, 12. (Ηνωμ. Τύπος).— Ἡ ἑλληνικὴ κυβέρνησις διεκδικεῖ ἀποζημιώσεις ἐκ τοῦ πρώτου πολέμου.

ΔΕΥΤΕΡΑΝ ΕΒΔΟΜΑΔΑ ΕΠΙΣΤΗΜΟΝΙΚΩΝ ΠΕΙΡΑΜΑΤΩΝ ΑΡΧΙΖΟΥΝ ΟΙ ΤΡΕΙΣ ΚΟΣΜΟΝΑΥΤΑΙ ΕΙΣ ΤΟΝ «ΣΑΛΙΟΥΤ»

ΜΟΣΧΑ, 12. (Ρόυτερ).— Οἱ τρεῖς κοσμοναῦται ἀρχίζουν δευτέραν ἑβδομάδα πειραμάτων.

ΜΟΣΧΑ, 12. (Ρόυτερ).— Οἱ τρεῖς κοσμοναῦται ἀρχίζουν δευτέραν ἑβδομάδα πειραμάτων.

ΜΟΣΧΑ, 12. (Ρόυτερ).— Οἱ τρεῖς κοσμοναῦται ἀρχίζουν δευτέραν ἑβδομάδα πειραμάτων.

Η ΕΛΙΣΑΒΕΤ ΕΠΙ ΤΗ ΕΠΕΤΕΙΩ ΤΩΝ ΓΕΝΕΘΛΙΩΝ ΤΗΣ ΕΠΙΘΕΩΡΗΣΕ ΕΦΙΠΠΟΣ ΤΗΝ ΒΑΣΙΛΙΚΗΝ ΦΡΟΥΡΑΝ

ΛΟΝΔΙΝΟΝ, 12. (Ἀσσ. Πρέσ).— Ἡ βασίλισσα ἐπεθεώρησεν ἔφιππος τὴν φρουράν.

ΛΟΝΔΙΝΟΝ, 12. (Ἀσσ. Πρέσ).— Ἡ βασίλισσα ἐπεθεώρησεν ἔφιππος τὴν φρουράν.

ΜΕ ΣΕΙΡΑΝ ΕΚΡΗΞΕΩΝ ΒΟΜΒΩΝ ΕΙΣ ΤΗΝ ΜΑΝΙΛΑΝ ΕΩΡΤΑΣΘΗ Η ΕΠΕΤΕΙΟΣ ΤΗΣ ΕΘΝΙΚΗΣ ΕΟΡΤΗΣ ΤΗΣ ΧΩΡΑΣ

ΜΑΝΙΛΑ, 12. (Ηνωμ. Τύπος).— Σειρὰ ἐκρήξεων βομβῶν ἐσημειώθη κατὰ τὴν ἐπέτειον.

ΜΑΝΙΛΑ, 12. (Ηνωμ. Τύπος).— Σειρὰ ἐκρήξεων βομβῶν ἐσημειώθη κατὰ τὴν ἐπέτειον.

ΦΟΝΟΣ ΑΣΤΥΝΟΜΙΚΟΥ ΥΠΟ ΤΟΥΠΑΜΑΡΟΣ

ΜΟΝΤΕΒΙΔΕΟ, 12. (Ἀσσ. Πρέσ).— Τουπαμάρος ἐφόνευσαν ἀστυνομικόν.
